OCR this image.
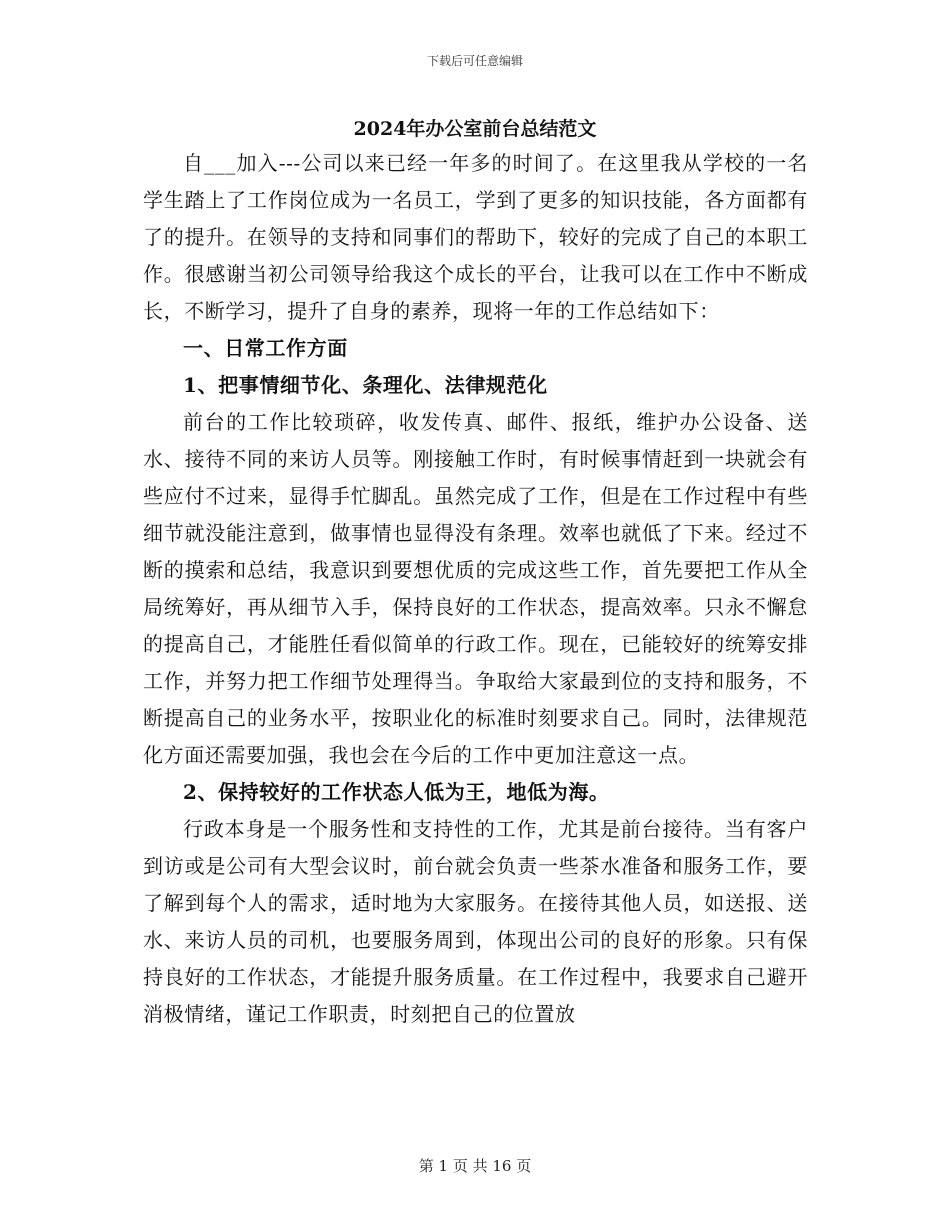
下载后可任意编辑
2024年办公室前台总结范文

自___加入---公司以来已经一年多的时间了。在这里我从学校的一名学生踏上了工作岗位成为一名员工，学到了更多的知识技能，各方面都有了的提升。在领导的支持和同事们的帮助下，较好的完成了自己的本职工作。很感谢当初公司领导给我这个成长的平台，让我可以在工作中不断成长，不断学习，提升了自身的素养，现将一年的工作总结如下：

一、日常工作方面

1、把事情细节化、条理化、法律规范化

前台的工作比较琐碎，收发传真、邮件、报纸，维护办公设备、送水、接待不同的来访人员等。刚接触工作时，有时候事情赶到一块就会有些应付不过来，显得手忙脚乱。虽然完成了工作，但是在工作过程中有些细节就没能注意到，做事情也显得没有条理。效率也就低了下来。经过不断的摸索和总结，我意识到要想优质的完成这些工作，首先要把工作从全局统筹好，再从细节入手，保持良好的工作状态，提高效率。只永不懈怠的提高自己，才能胜任看似简单的行政工作。现在，已能较好的统筹安排工作，并努力把工作细节处理得当。争取给大家最到位的支持和服务，不断提高自己的业务水平，按职业化的标准时刻要求自己。同时，法律规范化方面还需要加强，我也会在今后的工作中更加注意这一点。

2、保持较好的工作状态人低为王，地低为海。

行政本身是一个服务性和支持性的工作，尤其是前台接待。当有客户到访或是公司有大型会议时，前台就会负责一些茶水准备和服务工作，要了解到每个人的需求，适时地为大家服务。在接待其他人员，如送报、送水、来访人员的司机，也要服务周到，体现出公司的良好的形象。只有保持良好的工作状态，才能提升服务质量。在工作过程中，我要求自己避开消极情绪，谨记工作职责，时刻把自己的位置放

第 1 页 共 16 页
